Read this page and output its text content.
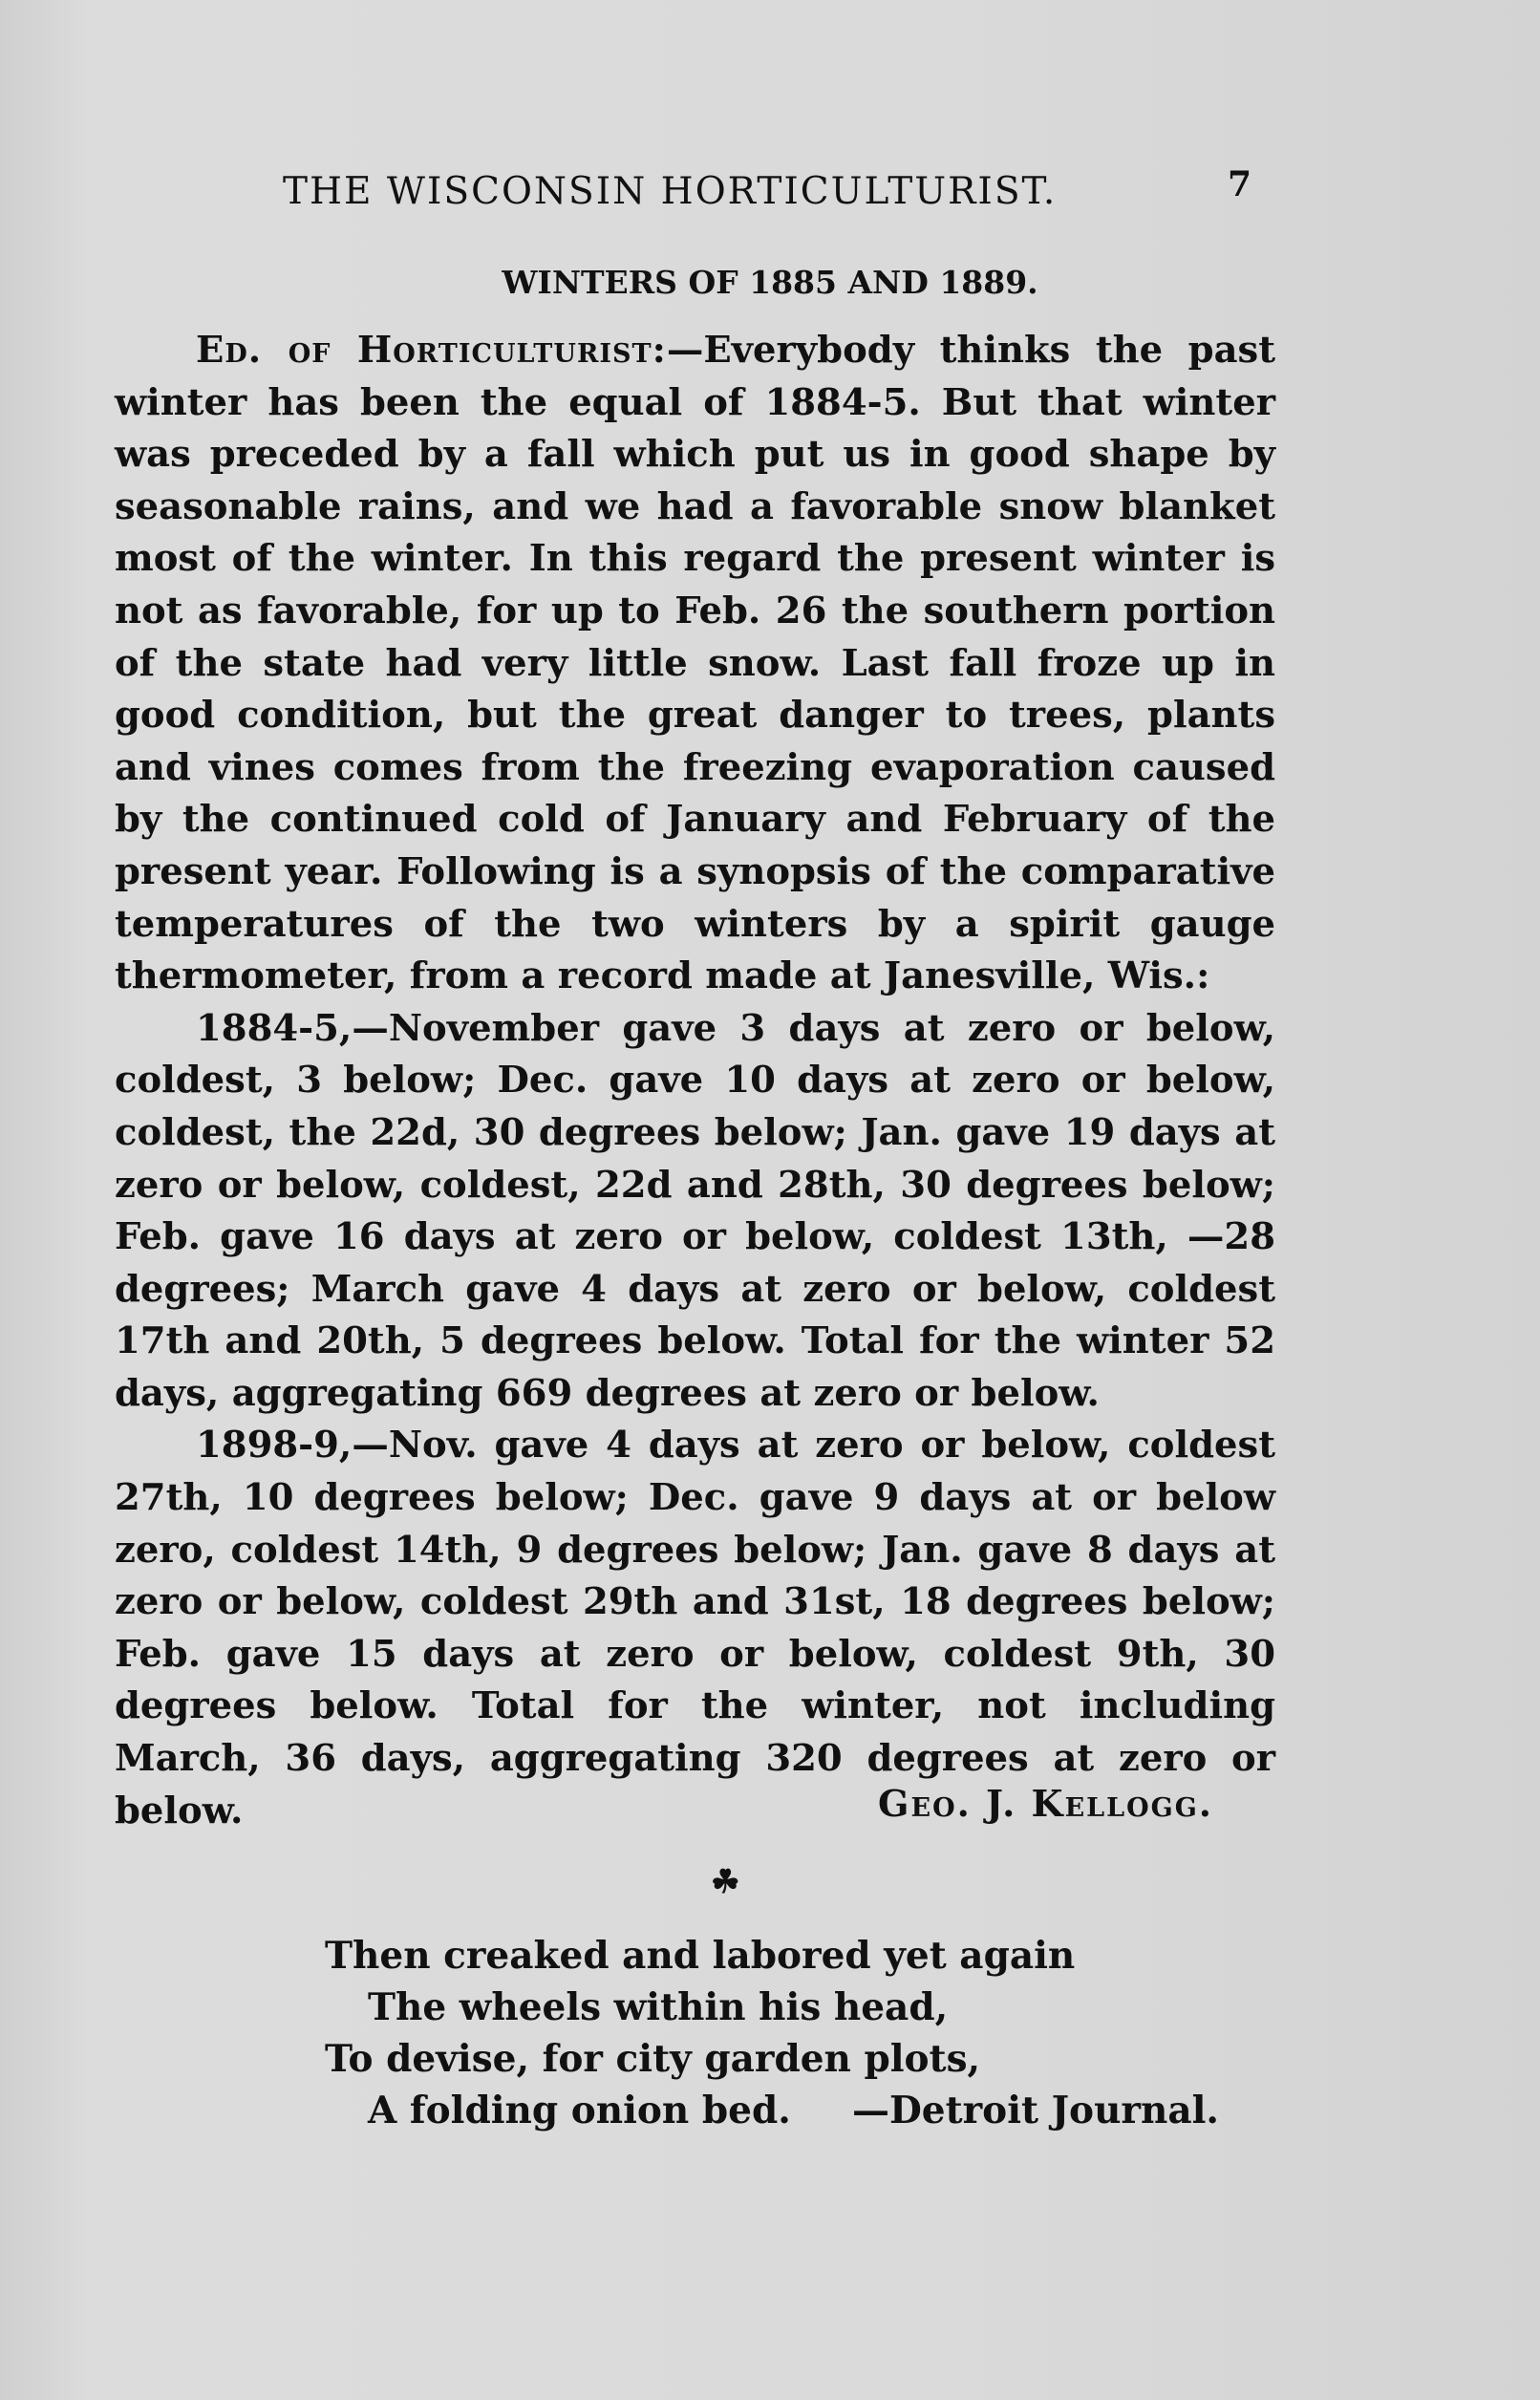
THE WISCONSIN HORTICULTURIST.	7
WINTERS OF 1885 AND 1889.

Ed. of Horticulturist:—Everybody thinks the past winter has been the equal of 1884-5. But that winter was preceded by a fall which put us in good shape by seasonable rains, and we had a favorable snow blanket most of the winter. In this regard the present winter is not as favorable, for up to Feb. 26 the southern portion of the state had very little snow. Last fall froze up in good condition, but the great danger to trees, plants and vines comes from the freezing evaporation caused by the continued cold of January and February of the present year. Following is a synopsis of the comparative temperatures of the two winters by a spirit gauge thermometer, from a record made at Janesville, Wis.:

1884-5,—November gave 3 days at zero or below, coldest, 3 below; Dec. gave 10 days at zero or below, coldest, the 22d, 30 degrees below; Jan. gave 19 days at zero or below, coldest, 22d and 28th, 30 degrees below; Feb. gave 16 days at zero or below, coldest 13th, —28 degrees; March gave 4 days at zero or below, coldest 17th and 20th, 5 degrees below. Total for the winter 52 days, aggregating 669 degrees at zero or below.

1898-9,—Nov. gave 4 days at zero or below, coldest 27th, 10 degrees below; Dec. gave 9 days at or below zero, coldest 14th, 9 degrees below; Jan. gave 8 days at zero or below, coldest 29th and 31st, 18 degrees below; Feb. gave 15 days at zero or below, coldest 9th, 30 degrees below. Total for the winter, not including March, 36 days, aggregating 320 degrees at zero or below.	Geo. J. Kellogg.
☘
Then creaked and labored yet again
The wheels within his head,
To devise, for city garden plots,
A folding onion bed.	—Detroit Journal.
